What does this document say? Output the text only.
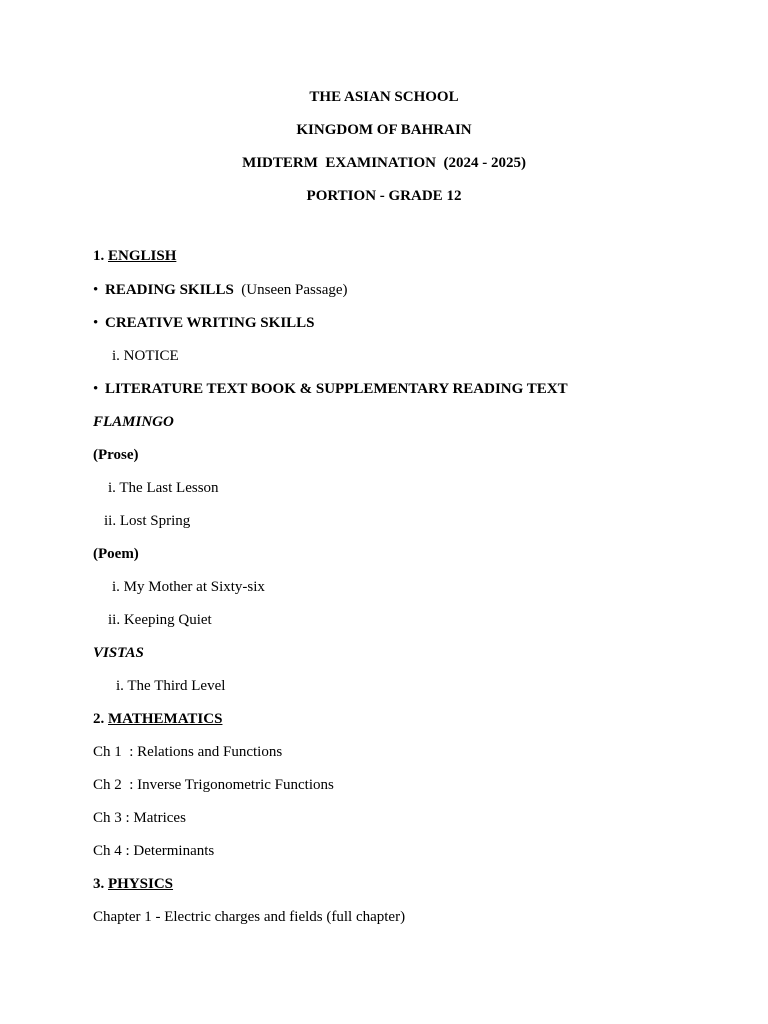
THE ASIAN SCHOOL
KINGDOM OF BAHRAIN
MIDTERM  EXAMINATION  (2024 - 2025)
PORTION - GRADE 12
1. ENGLISH
• READING SKILLS  (Unseen Passage)
• CREATIVE WRITING SKILLS
i. NOTICE
• LITERATURE TEXT BOOK & SUPPLEMENTARY READING TEXT
FLAMINGO
(Prose)
i. The Last Lesson
ii. Lost Spring
(Poem)
i. My Mother at Sixty-six
ii. Keeping Quiet
VISTAS
i. The Third Level
2. MATHEMATICS
Ch 1  : Relations and Functions
Ch 2  : Inverse Trigonometric Functions
Ch 3 : Matrices
Ch 4 : Determinants
3. PHYSICS
Chapter 1 - Electric charges and fields (full chapter)
